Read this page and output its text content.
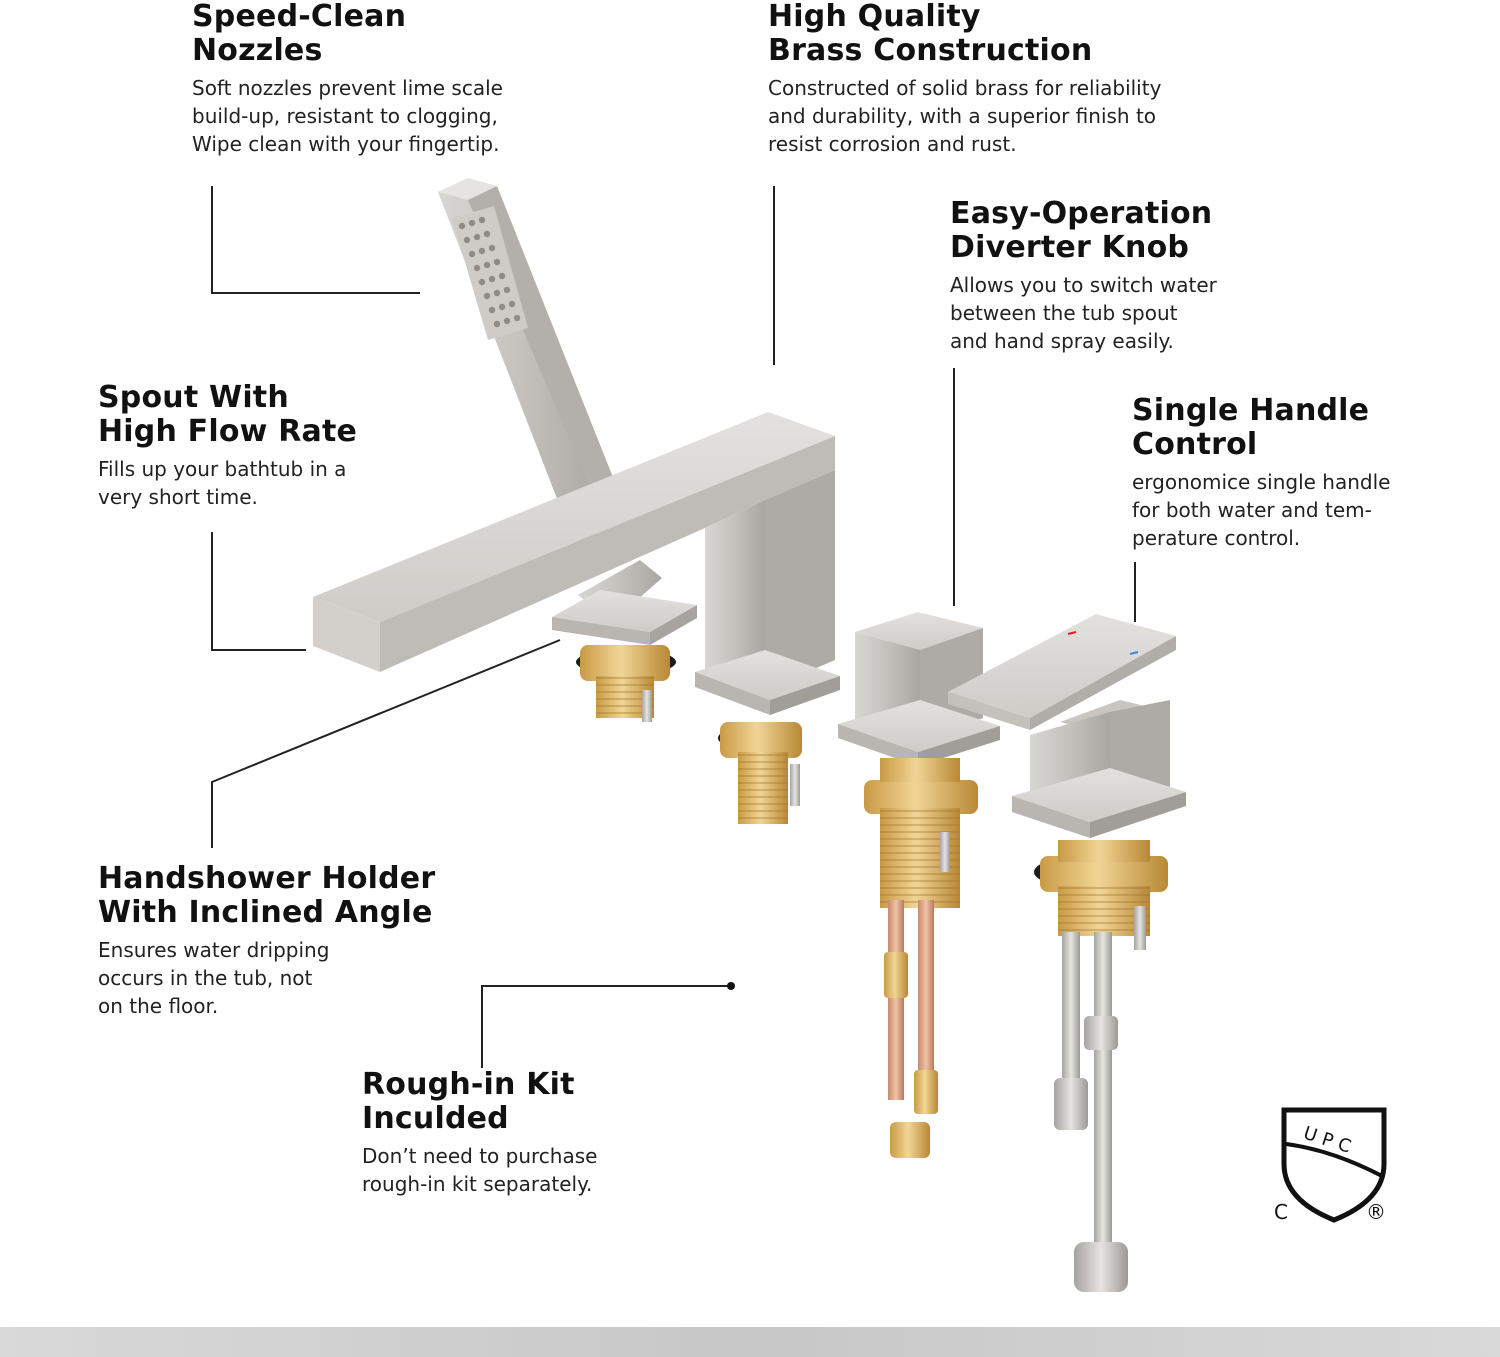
Speed-Clean
Nozzles

Soft nozzles prevent lime scale
build-up, resistant to clogging,
Wipe clean with your fingertip.

High Quality
Brass Construction

Constructed of solid brass for reliability
and durability, with a superior finish to
resist corrosion and rust.

Easy-Operation
Diverter Knob

Allows you to switch water
between the tub spout
and hand spray easily.

Spout With
High Flow Rate

Fills up your bathtub in a
very short time.

Single Handle
Control

ergonomice single handle
for both water and tem-
perature control.

Handshower Holder
With Inclined Angle

Ensures water dripping
occurs in the tub, not
on the floor.

Rough-in Kit
Inculded

Don’t need to purchase
rough-in kit separately.

UPC
C	®
